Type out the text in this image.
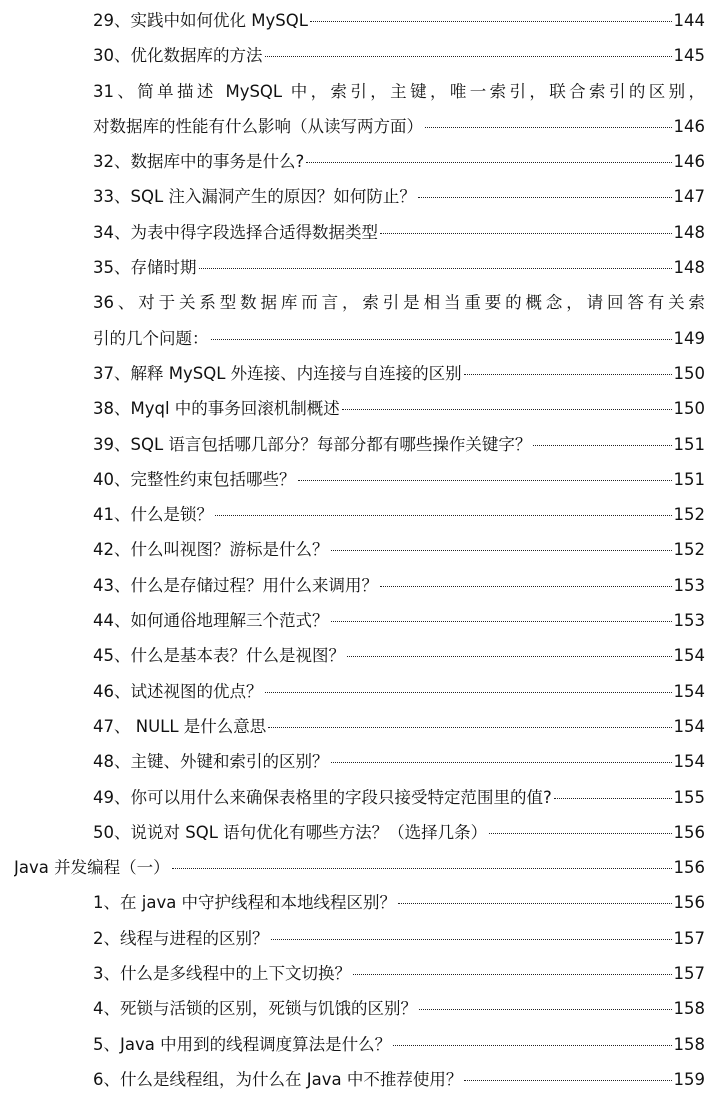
29、实践中如何优化 MySQL	144
30、优化数据库的方法	145
31、简单描述 MySQL 中，索引，主键，唯一索引，联合索引的区别，
对数据库的性能有什么影响（从读写两方面）	146
32、数据库中的事务是什么?	146
33、SQL 注入漏洞产生的原因？如何防止？	147
34、为表中得字段选择合适得数据类型	148
35、存储时期	148
36、对于关系型数据库而言，索引是相当重要的概念，请回答有关索
引的几个问题：	149
37、解释 MySQL 外连接、内连接与自连接的区别	150
38、Myql 中的事务回滚机制概述	150
39、SQL 语言包括哪几部分？每部分都有哪些操作关键字？	151
40、完整性约束包括哪些？	151
41、什么是锁？	152
42、什么叫视图？游标是什么？	152
43、什么是存储过程？用什么来调用？	153
44、如何通俗地理解三个范式？	153
45、什么是基本表？什么是视图？	154
46、试述视图的优点？	154
47、 NULL 是什么意思	154
48、主键、外键和索引的区别？	154
49、你可以用什么来确保表格里的字段只接受特定范围里的值?	155
50、说说对 SQL 语句优化有哪些方法？（选择几条）	156
Java 并发编程（一）	156
1、在 java 中守护线程和本地线程区别？	156
2、线程与进程的区别？	157
3、什么是多线程中的上下文切换？	157
4、死锁与活锁的区别，死锁与饥饿的区别？	158
5、Java 中用到的线程调度算法是什么？	158
6、什么是线程组，为什么在 Java 中不推荐使用？	159
